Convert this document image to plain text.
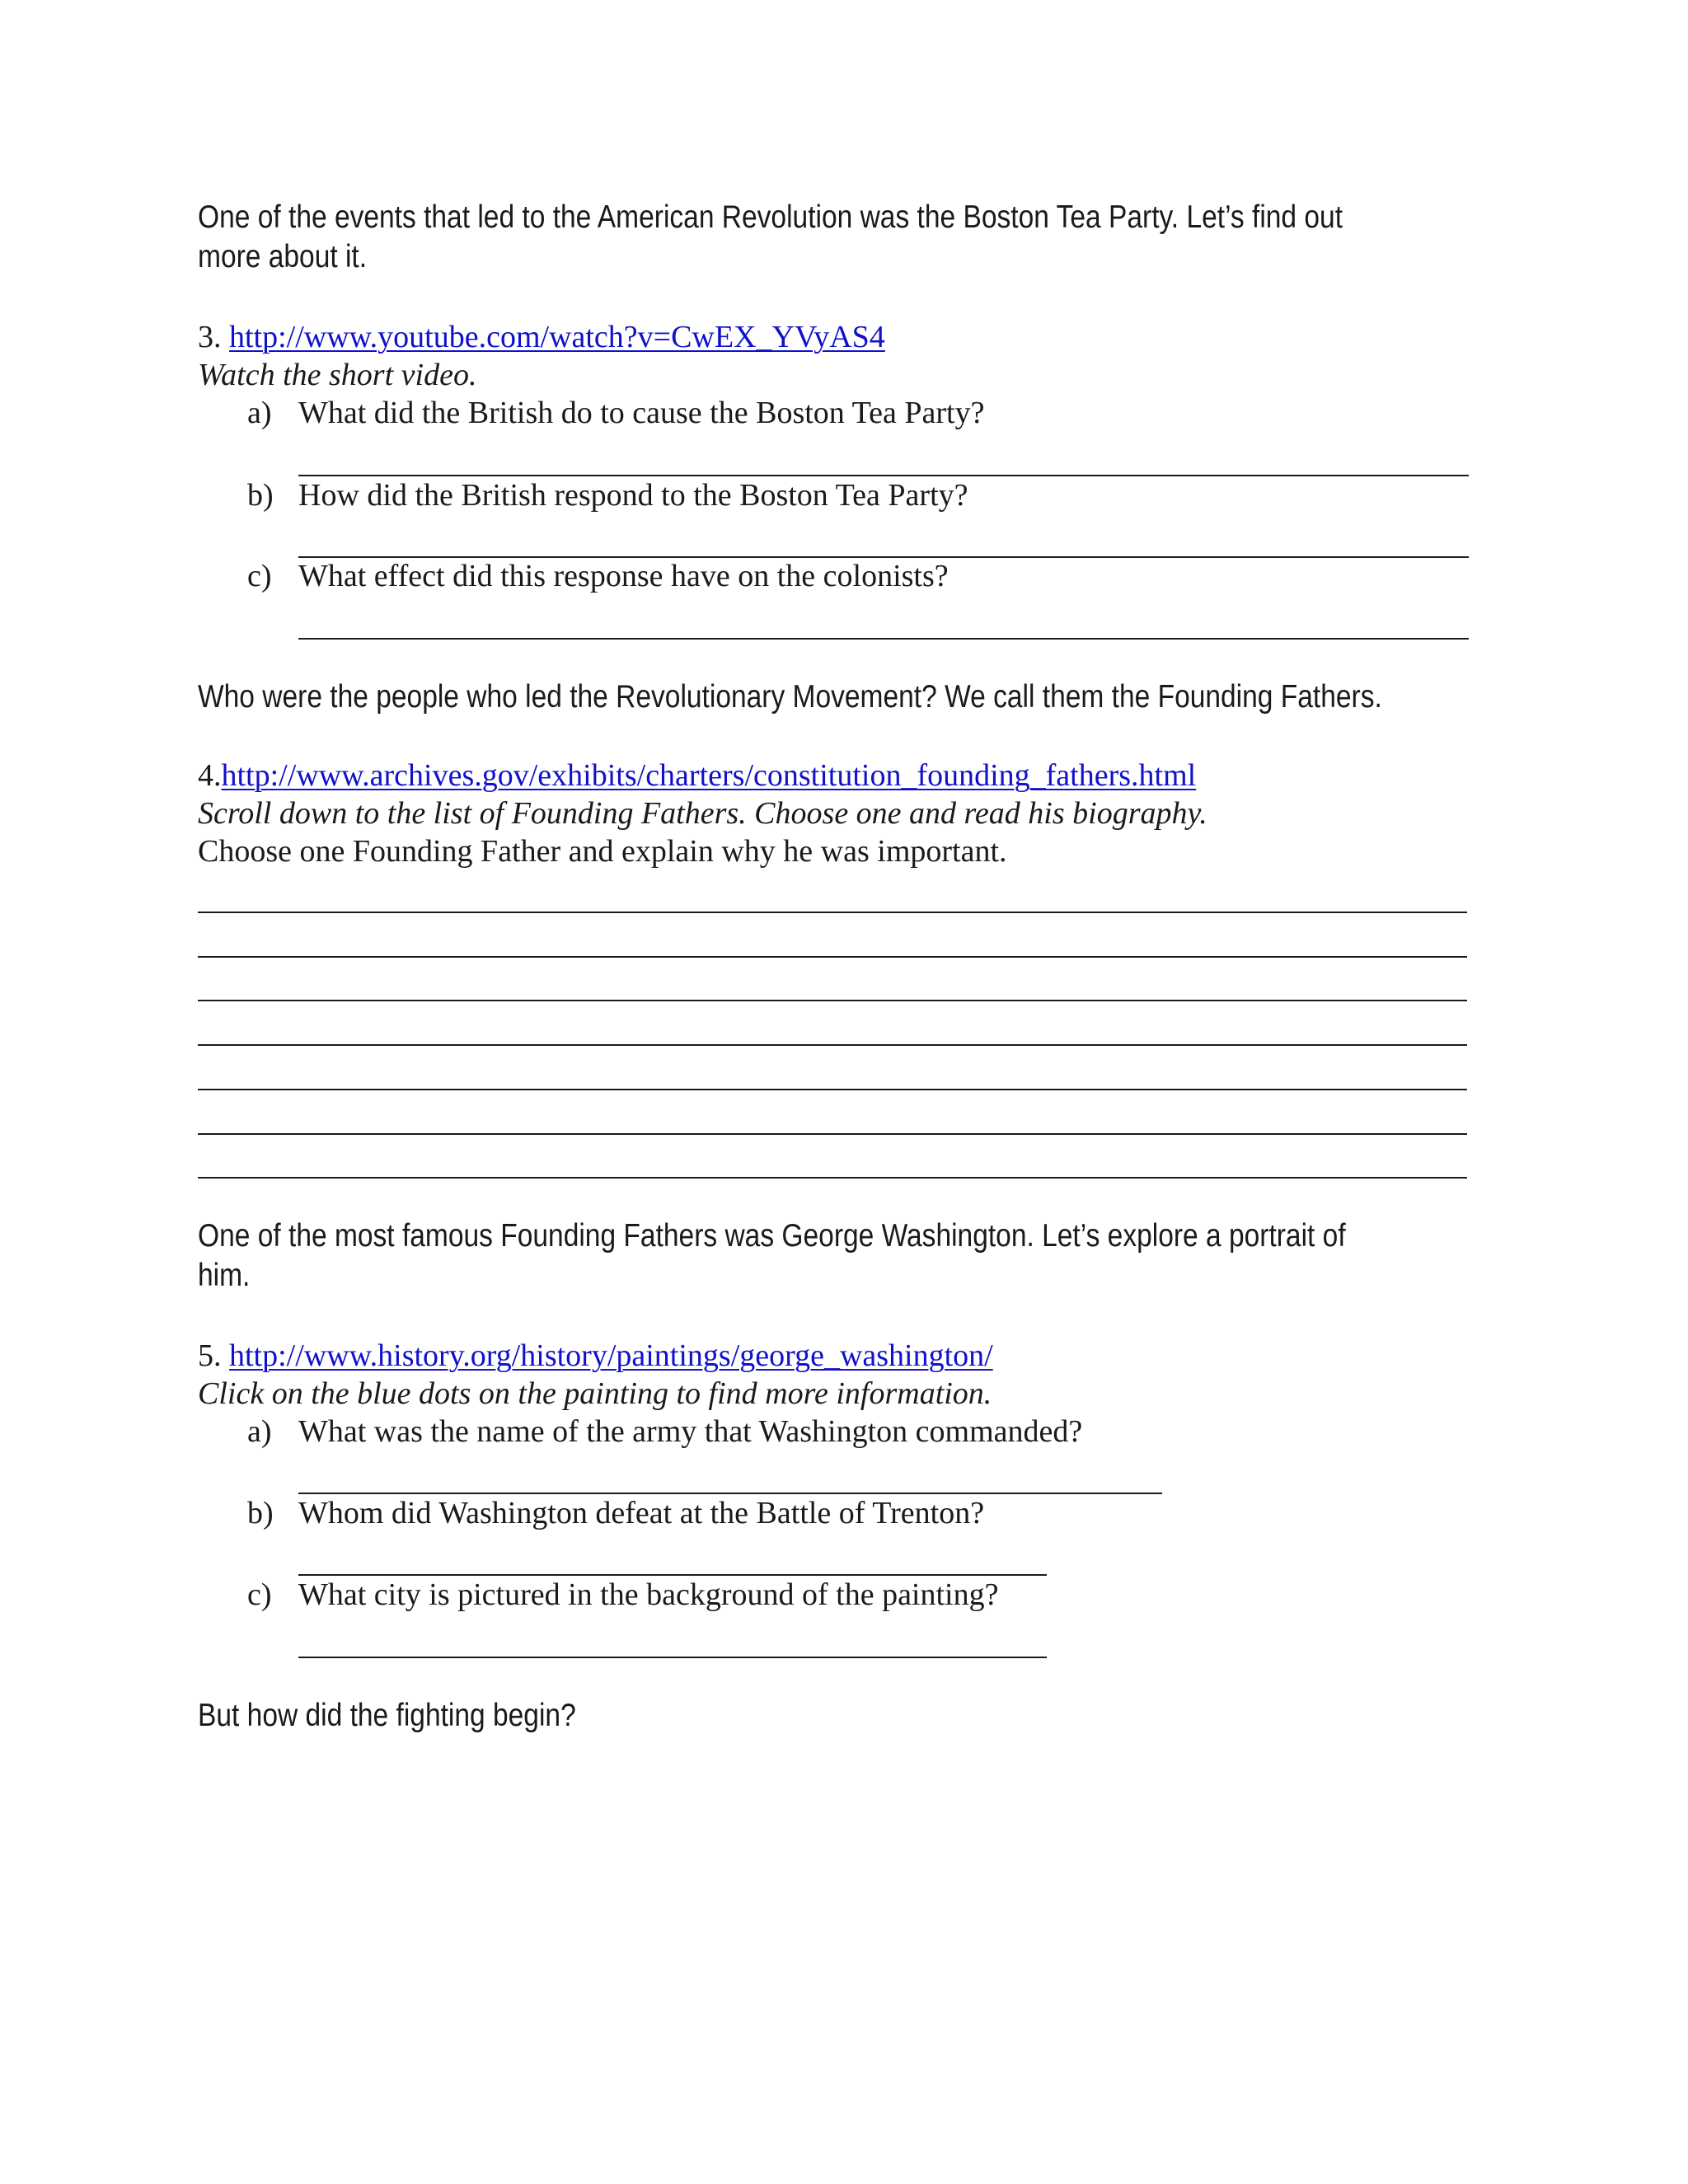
One of the events that led to the American Revolution was the Boston Tea Party. Let’s find out
more about it.
3. http://www.youtube.com/watch?v=CwEX_YVyAS4
Watch the short video.
a) What did the British do to cause the Boston Tea Party?
b) How did the British respond to the Boston Tea Party?
c) What effect did this response have on the colonists?
Who were the people who led the Revolutionary Movement? We call them the Founding Fathers.
4.http://www.archives.gov/exhibits/charters/constitution_founding_fathers.html
Scroll down to the list of Founding Fathers. Choose one and read his biography.
Choose one Founding Father and explain why he was important.
One of the most famous Founding Fathers was George Washington. Let’s explore a portrait of
him.
5. http://www.history.org/history/paintings/george_washington/
Click on the blue dots on the painting to find more information.
a) What was the name of the army that Washington commanded?
b) Whom did Washington defeat at the Battle of Trenton?
c) What city is pictured in the background of the painting?
But how did the fighting begin?
